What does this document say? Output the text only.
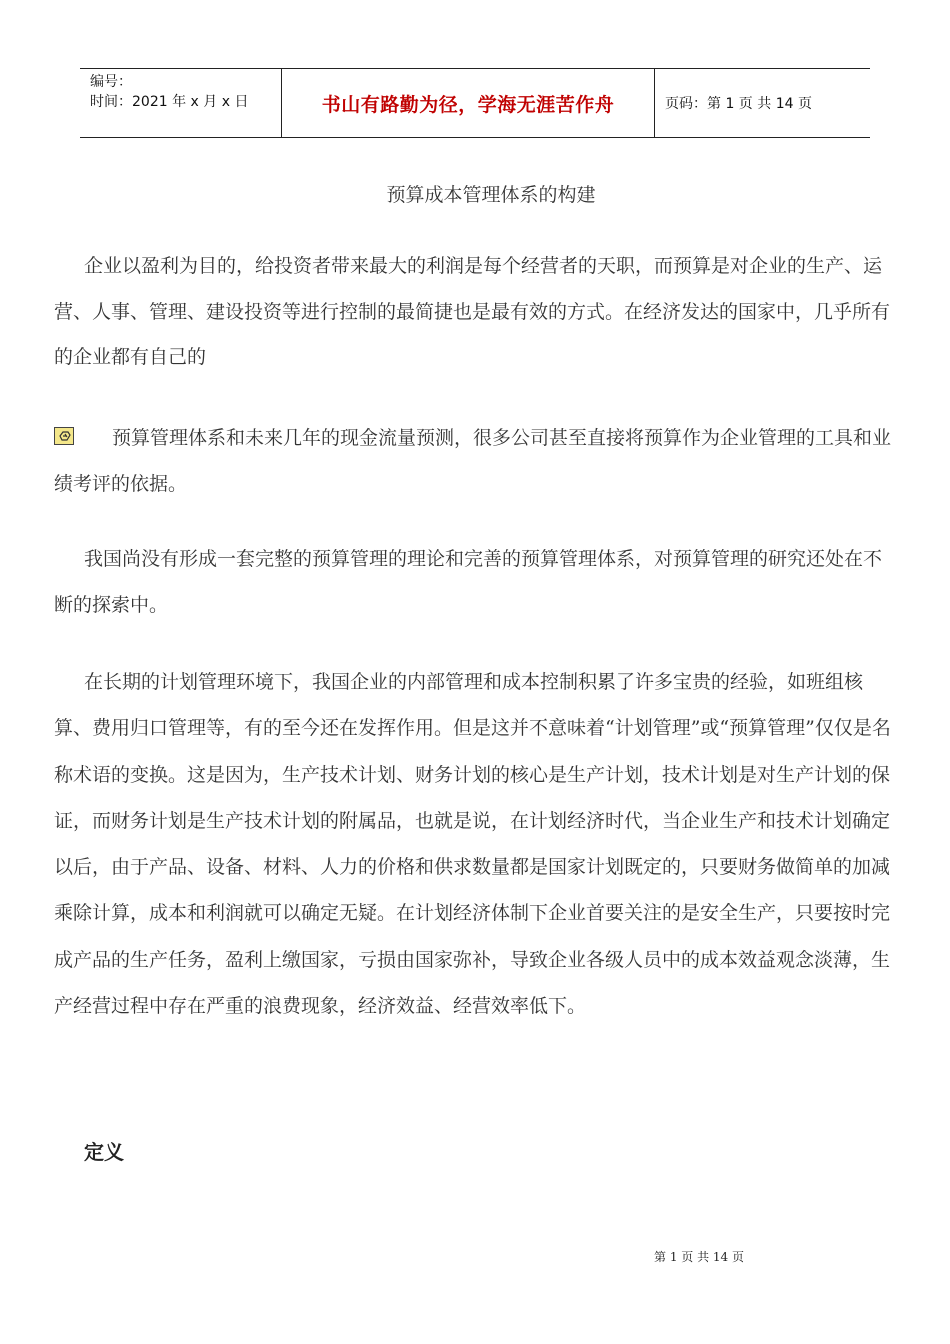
编号：
时间：2021 年 x 月 x 日	书山有路勤为径，学海无涯苦作舟	页码：第 1 页 共 14 页
预算成本管理体系的构建

企业以盈利为目的，给投资者带来最大的利润是每个经营者的天职，而预算是对企业的生产、运营、人事、管理、建设投资等进行控制的最简捷也是最有效的方式。在经济发达的国家中，几乎所有的企业都有自己的

预算管理体系和未来几年的现金流量预测，很多公司甚至直接将预算作为企业管理的工具和业绩考评的依据。

我国尚没有形成一套完整的预算管理的理论和完善的预算管理体系，对预算管理的研究还处在不断的探索中。

在长期的计划管理环境下，我国企业的内部管理和成本控制积累了许多宝贵的经验，如班组核算、费用归口管理等，有的至今还在发挥作用。但是这并不意味着“计划管理”或“预算管理”仅仅是名称术语的变换。这是因为，生产技术计划、财务计划的核心是生产计划，技术计划是对生产计划的保证，而财务计划是生产技术计划的附属品，也就是说，在计划经济时代，当企业生产和技术计划确定以后，由于产品、设备、材料、人力的价格和供求数量都是国家计划既定的，只要财务做简单的加减乘除计算，成本和利润就可以确定无疑。在计划经济体制下企业首要关注的是安全生产，只要按时完成产品的生产任务，盈利上缴国家，亏损由国家弥补，导致企业各级人员中的成本效益观念淡薄，生产经营过程中存在严重的浪费现象，经济效益、经营效率低下。

定义
第 1 页 共 14 页
